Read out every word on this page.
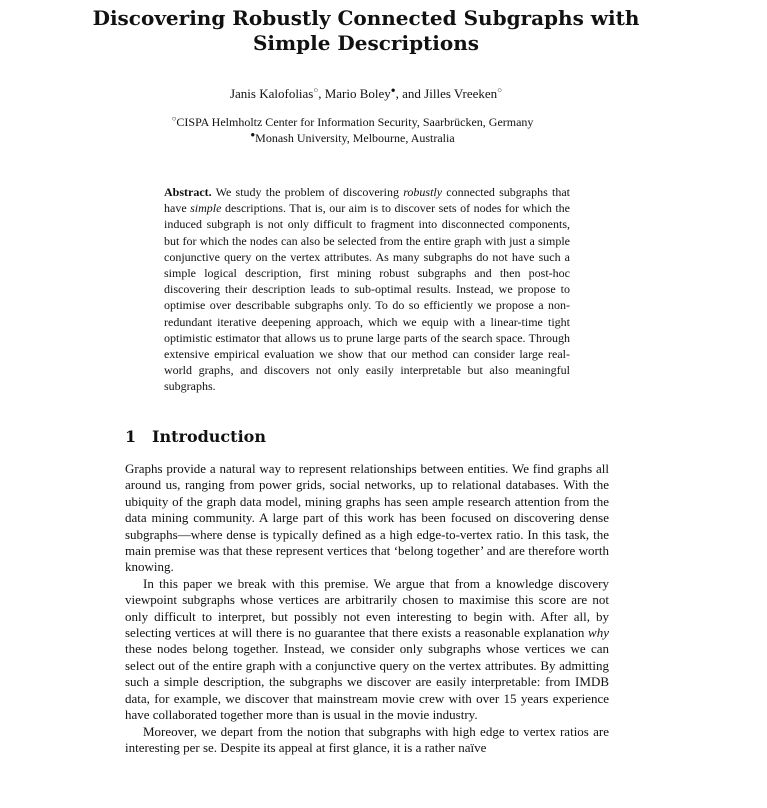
Discovering Robustly Connected Subgraphs with
Simple Descriptions
Janis Kalofolias○, Mario Boley●, and Jilles Vreeken○
○CISPA Helmholtz Center for Information Security, Saarbrücken, Germany
●Monash University, Melbourne, Australia
Abstract. We study the problem of discovering robustly connected subgraphs that have simple descriptions. That is, our aim is to discover sets of nodes for which the induced subgraph is not only difficult to fragment into disconnected components, but for which the nodes can also be selected from the entire graph with just a simple conjunctive query on the vertex attributes. As many subgraphs do not have such a simple logical description, first mining robust subgraphs and then post-hoc discovering their description leads to sub-optimal results. Instead, we propose to optimise over describable subgraphs only. To do so efficiently we propose a non-redundant iterative deepening approach, which we equip with a linear-time tight optimistic estimator that allows us to prune large parts of the search space. Through extensive empirical evaluation we show that our method can consider large real-world graphs, and discovers not only easily interpretable but also meaningful subgraphs.
1 Introduction

Graphs provide a natural way to represent relationships between entities. We find graphs all around us, ranging from power grids, social networks, up to relational databases. With the ubiquity of the graph data model, mining graphs has seen ample research attention from the data mining community. A large part of this work has been focused on discovering dense subgraphs—where dense is typically defined as a high edge-to-vertex ratio. In this task, the main premise was that these represent vertices that ‘belong together’ and are therefore worth knowing.

In this paper we break with this premise. We argue that from a knowledge discovery viewpoint subgraphs whose vertices are arbitrarily chosen to maximise this score are not only difficult to interpret, but possibly not even interesting to begin with. After all, by selecting vertices at will there is no guarantee that there exists a reasonable explanation why these nodes belong together. Instead, we consider only subgraphs whose vertices we can select out of the entire graph with a conjunctive query on the vertex attributes. By admitting such a simple description, the subgraphs we discover are easily interpretable: from IMDB data, for example, we discover that mainstream movie crew with over 15 years experience have collaborated together more than is usual in the movie industry.

Moreover, we depart from the notion that subgraphs with high edge to vertex ratios are interesting per se. Despite its appeal at first glance, it is a rather naïve
